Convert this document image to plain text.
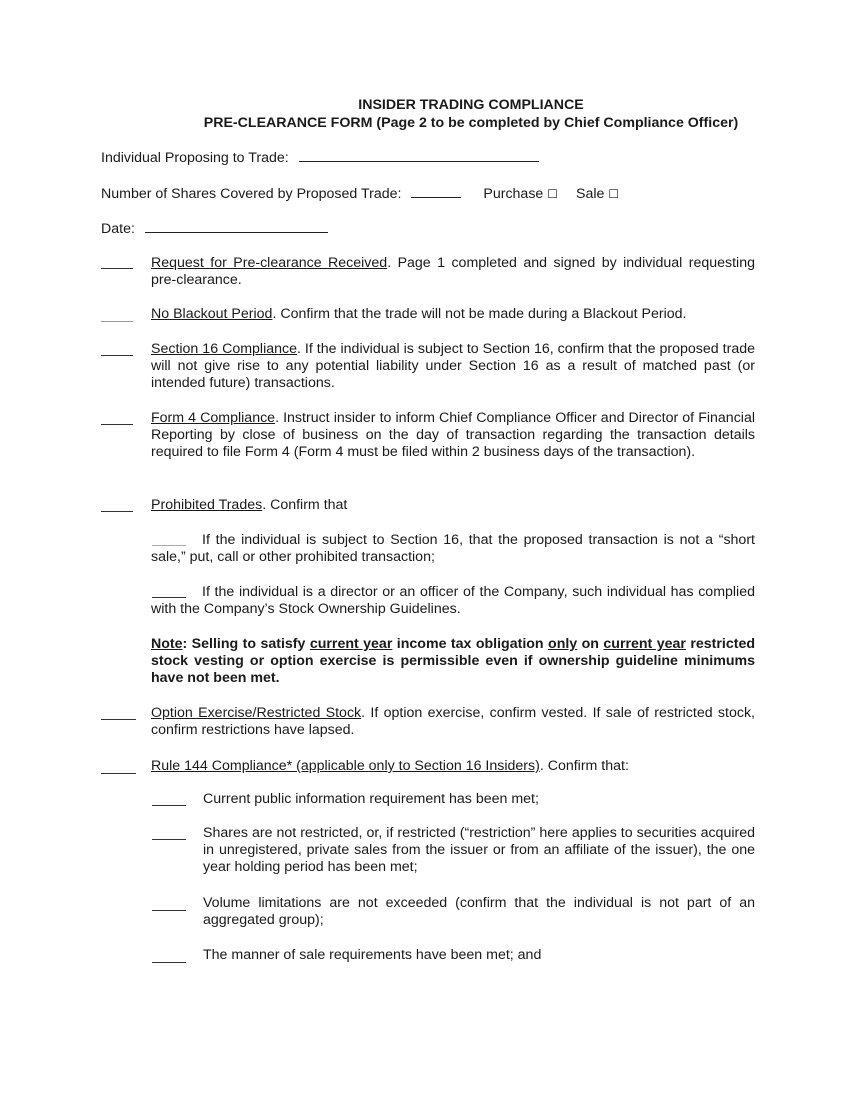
INSIDER TRADING COMPLIANCE
PRE-CLEARANCE FORM (Page 2 to be completed by Chief Compliance Officer)
Individual Proposing to Trade:
Number of Shares Covered by Proposed Trade:	Purchase ☐ Sale ☐
Date:
Request for Pre-clearance Received. Page 1 completed and signed by individual requesting pre-clearance.
No Blackout Period. Confirm that the trade will not be made during a Blackout Period.
Section 16 Compliance. If the individual is subject to Section 16, confirm that the proposed trade will not give rise to any potential liability under Section 16 as a result of matched past (or intended future) transactions.
Form 4 Compliance. Instruct insider to inform Chief Compliance Officer and Director of Financial Reporting by close of business on the day of transaction regarding the transaction details required to file Form 4 (Form 4 must be filed within 2 business days of the transaction).
Prohibited Trades. Confirm that
If the individual is subject to Section 16, that the proposed transaction is not a “short sale,” put, call or other prohibited transaction;
If the individual is a director or an officer of the Company, such individual has complied with the Company’s Stock Ownership Guidelines.
Note: Selling to satisfy current year income tax obligation only on current year restricted stock vesting or option exercise is permissible even if ownership guideline minimums have not been met.
Option Exercise/Restricted Stock. If option exercise, confirm vested. If sale of restricted stock, confirm restrictions have lapsed.
Rule 144 Compliance* (applicable only to Section 16 Insiders). Confirm that:
Current public information requirement has been met;
Shares are not restricted, or, if restricted (“restriction” here applies to securities acquired in unregistered, private sales from the issuer or from an affiliate of the issuer), the one year holding period has been met;
Volume limitations are not exceeded (confirm that the individual is not part of an aggregated group);
The manner of sale requirements have been met; and
